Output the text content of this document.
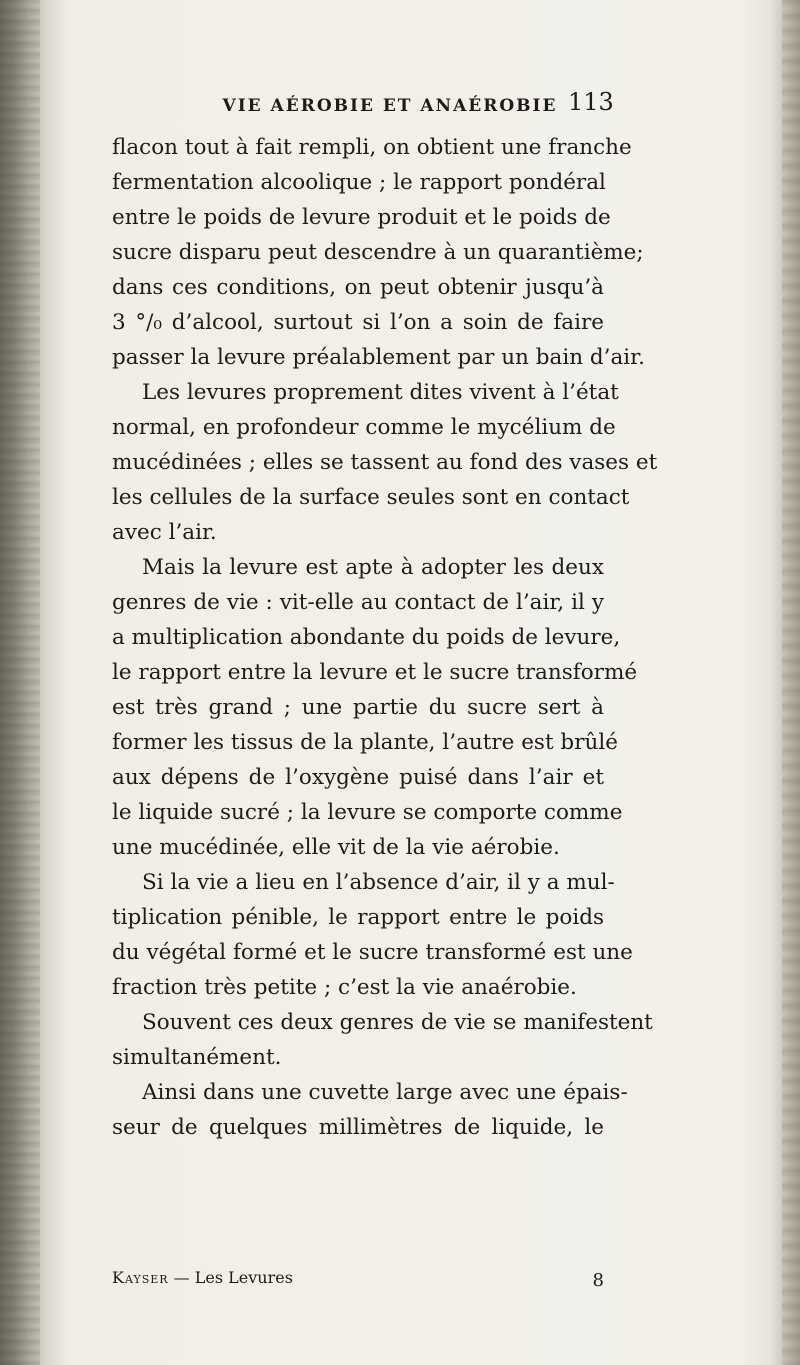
VIE AÉROBIE ET ANAÉROBIE 113
flacon tout à fait rempli, on obtient une franche
fermentation alcoolique ; le rapport pondéral
entre le poids de levure produit et le poids de
sucre disparu peut descendre à un quarantième;
dans ces conditions, on peut obtenir jusqu’à
3 °/₀ d’alcool, surtout si l’on a soin de faire
passer la levure préalablement par un bain d’air.
Les levures proprement dites vivent à l’état
normal, en profondeur comme le mycélium de
mucédinées ; elles se tassent au fond des vases et
les cellules de la surface seules sont en contact
avec l’air.
Mais la levure est apte à adopter les deux
genres de vie : vit-elle au contact de l’air, il y
a multiplication abondante du poids de levure,
le rapport entre la levure et le sucre transformé
est très grand ; une partie du sucre sert à
former les tissus de la plante, l’autre est brûlé
aux dépens de l’oxygène puisé dans l’air et
le liquide sucré ; la levure se comporte comme
une mucédinée, elle vit de la vie aérobie.
Si la vie a lieu en l’absence d’air, il y a mul-
tiplication pénible, le rapport entre le poids
du végétal formé et le sucre transformé est une
fraction très petite ; c’est la vie anaérobie.
Souvent ces deux genres de vie se manifestent
simultanément.
Ainsi dans une cuvette large avec une épais-
seur de quelques millimètres de liquide, le
Kayser — Les Levures	8
